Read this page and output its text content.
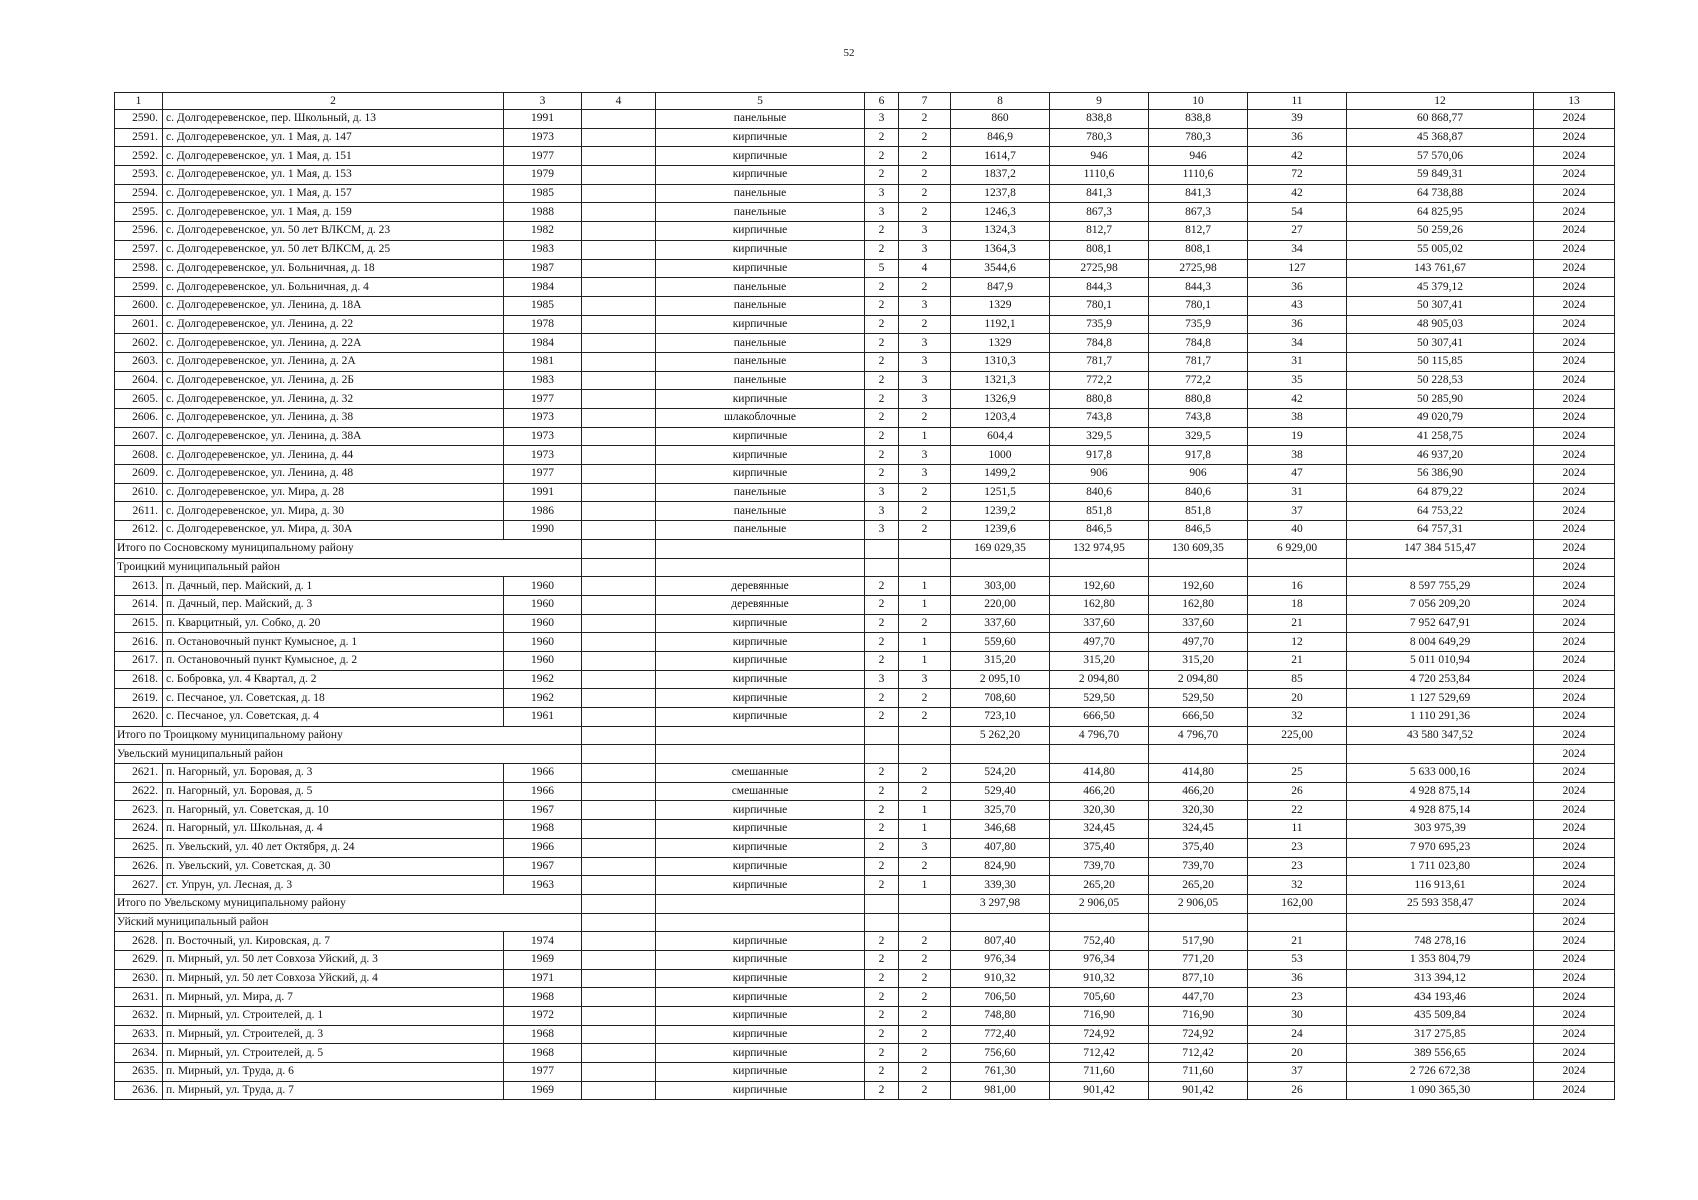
52
1	2	3	4	5	6	7	8	9	10	11	12	13
2590.	с. Долгодеревенское, пер. Школьный, д. 13	1991		панельные	3	2	860	838,8	838,8	39	60 868,77	2024
2591.	с. Долгодеревенское, ул. 1 Мая, д. 147	1973		кирпичные	2	2	846,9	780,3	780,3	36	45 368,87	2024
2592.	с. Долгодеревенское, ул. 1 Мая, д. 151	1977		кирпичные	2	2	1614,7	946	946	42	57 570,06	2024
2593.	с. Долгодеревенское, ул. 1 Мая, д. 153	1979		кирпичные	2	2	1837,2	1110,6	1110,6	72	59 849,31	2024
2594.	с. Долгодеревенское, ул. 1 Мая, д. 157	1985		панельные	3	2	1237,8	841,3	841,3	42	64 738,88	2024
2595.	с. Долгодеревенское, ул. 1 Мая, д. 159	1988		панельные	3	2	1246,3	867,3	867,3	54	64 825,95	2024
2596.	с. Долгодеревенское, ул. 50 лет ВЛКСМ, д. 23	1982		кирпичные	2	3	1324,3	812,7	812,7	27	50 259,26	2024
2597.	с. Долгодеревенское, ул. 50 лет ВЛКСМ, д. 25	1983		кирпичные	2	3	1364,3	808,1	808,1	34	55 005,02	2024
2598.	с. Долгодеревенское, ул. Больничная, д. 18	1987		кирпичные	5	4	3544,6	2725,98	2725,98	127	143 761,67	2024
2599.	с. Долгодеревенское, ул. Больничная, д. 4	1984		панельные	2	2	847,9	844,3	844,3	36	45 379,12	2024
2600.	с. Долгодеревенское, ул. Ленина, д. 18А	1985		панельные	2	3	1329	780,1	780,1	43	50 307,41	2024
2601.	с. Долгодеревенское, ул. Ленина, д. 22	1978		кирпичные	2	2	1192,1	735,9	735,9	36	48 905,03	2024
2602.	с. Долгодеревенское, ул. Ленина, д. 22А	1984		панельные	2	3	1329	784,8	784,8	34	50 307,41	2024
2603.	с. Долгодеревенское, ул. Ленина, д. 2А	1981		панельные	2	3	1310,3	781,7	781,7	31	50 115,85	2024
2604.	с. Долгодеревенское, ул. Ленина, д. 2Б	1983		панельные	2	3	1321,3	772,2	772,2	35	50 228,53	2024
2605.	с. Долгодеревенское, ул. Ленина, д. 32	1977		кирпичные	2	3	1326,9	880,8	880,8	42	50 285,90	2024
2606.	с. Долгодеревенское, ул. Ленина, д. 38	1973		шлакоблочные	2	2	1203,4	743,8	743,8	38	49 020,79	2024
2607.	с. Долгодеревенское, ул. Ленина, д. 38А	1973		кирпичные	2	1	604,4	329,5	329,5	19	41 258,75	2024
2608.	с. Долгодеревенское, ул. Ленина, д. 44	1973		кирпичные	2	3	1000	917,8	917,8	38	46 937,20	2024
2609.	с. Долгодеревенское, ул. Ленина, д. 48	1977		кирпичные	2	3	1499,2	906	906	47	56 386,90	2024
2610.	с. Долгодеревенское, ул. Мира, д. 28	1991		панельные	3	2	1251,5	840,6	840,6	31	64 879,22	2024
2611.	с. Долгодеревенское, ул. Мира, д. 30	1986		панельные	3	2	1239,2	851,8	851,8	37	64 753,22	2024
2612.	с. Долгодеревенское, ул. Мира, д. 30А	1990		панельные	3	2	1239,6	846,5	846,5	40	64 757,31	2024
Итого по Сосновскому муниципальному району							169 029,35	132 974,95	130 609,35	6 929,00	147 384 515,47	2024
Троицкий муниципальный район												2024
2613.	п. Дачный, пер. Майский, д. 1	1960		деревянные	2	1	303,00	192,60	192,60	16	8 597 755,29	2024
2614.	п. Дачный, пер. Майский, д. 3	1960		деревянные	2	1	220,00	162,80	162,80	18	7 056 209,20	2024
2615.	п. Кварцитный, ул. Собко, д. 20	1960		кирпичные	2	2	337,60	337,60	337,60	21	7 952 647,91	2024
2616.	п. Остановочный пункт Кумысное, д. 1	1960		кирпичные	2	1	559,60	497,70	497,70	12	8 004 649,29	2024
2617.	п. Остановочный пункт Кумысное, д. 2	1960		кирпичные	2	1	315,20	315,20	315,20	21	5 011 010,94	2024
2618.	с. Бобровка, ул. 4 Квартал, д. 2	1962		кирпичные	3	3	2 095,10	2 094,80	2 094,80	85	4 720 253,84	2024
2619.	с. Песчаное, ул. Советская, д. 18	1962		кирпичные	2	2	708,60	529,50	529,50	20	1 127 529,69	2024
2620.	с. Песчаное, ул. Советская, д. 4	1961		кирпичные	2	2	723,10	666,50	666,50	32	1 110 291,36	2024
Итого по Троицкому муниципальному району							5 262,20	4 796,70	4 796,70	225,00	43 580 347,52	2024
Увельский муниципальный район												2024
2621.	п. Нагорный, ул. Боровая, д. 3	1966		смешанные	2	2	524,20	414,80	414,80	25	5 633 000,16	2024
2622.	п. Нагорный, ул. Боровая, д. 5	1966		смешанные	2	2	529,40	466,20	466,20	26	4 928 875,14	2024
2623.	п. Нагорный, ул. Советская, д. 10	1967		кирпичные	2	1	325,70	320,30	320,30	22	4 928 875,14	2024
2624.	п. Нагорный, ул. Школьная, д. 4	1968		кирпичные	2	1	346,68	324,45	324,45	11	303 975,39	2024
2625.	п. Увельский, ул. 40 лет Октября, д. 24	1966		кирпичные	2	3	407,80	375,40	375,40	23	7 970 695,23	2024
2626.	п. Увельский, ул. Советская, д. 30	1967		кирпичные	2	2	824,90	739,70	739,70	23	1 711 023,80	2024
2627.	ст. Упрун, ул. Лесная, д. 3	1963		кирпичные	2	1	339,30	265,20	265,20	32	116 913,61	2024
Итого по Увельскому муниципальному району							3 297,98	2 906,05	2 906,05	162,00	25 593 358,47	2024
Уйский муниципальный район												2024
2628.	п. Восточный, ул. Кировская, д. 7	1974		кирпичные	2	2	807,40	752,40	517,90	21	748 278,16	2024
2629.	п. Мирный, ул. 50 лет Совхоза Уйский, д. 3	1969		кирпичные	2	2	976,34	976,34	771,20	53	1 353 804,79	2024
2630.	п. Мирный, ул. 50 лет Совхоза Уйский, д. 4	1971		кирпичные	2	2	910,32	910,32	877,10	36	313 394,12	2024
2631.	п. Мирный, ул. Мира, д. 7	1968		кирпичные	2	2	706,50	705,60	447,70	23	434 193,46	2024
2632.	п. Мирный, ул. Строителей, д. 1	1972		кирпичные	2	2	748,80	716,90	716,90	30	435 509,84	2024
2633.	п. Мирный, ул. Строителей, д. 3	1968		кирпичные	2	2	772,40	724,92	724,92	24	317 275,85	2024
2634.	п. Мирный, ул. Строителей, д. 5	1968		кирпичные	2	2	756,60	712,42	712,42	20	389 556,65	2024
2635.	п. Мирный, ул. Труда, д. 6	1977		кирпичные	2	2	761,30	711,60	711,60	37	2 726 672,38	2024
2636.	п. Мирный, ул. Труда, д. 7	1969		кирпичные	2	2	981,00	901,42	901,42	26	1 090 365,30	2024
